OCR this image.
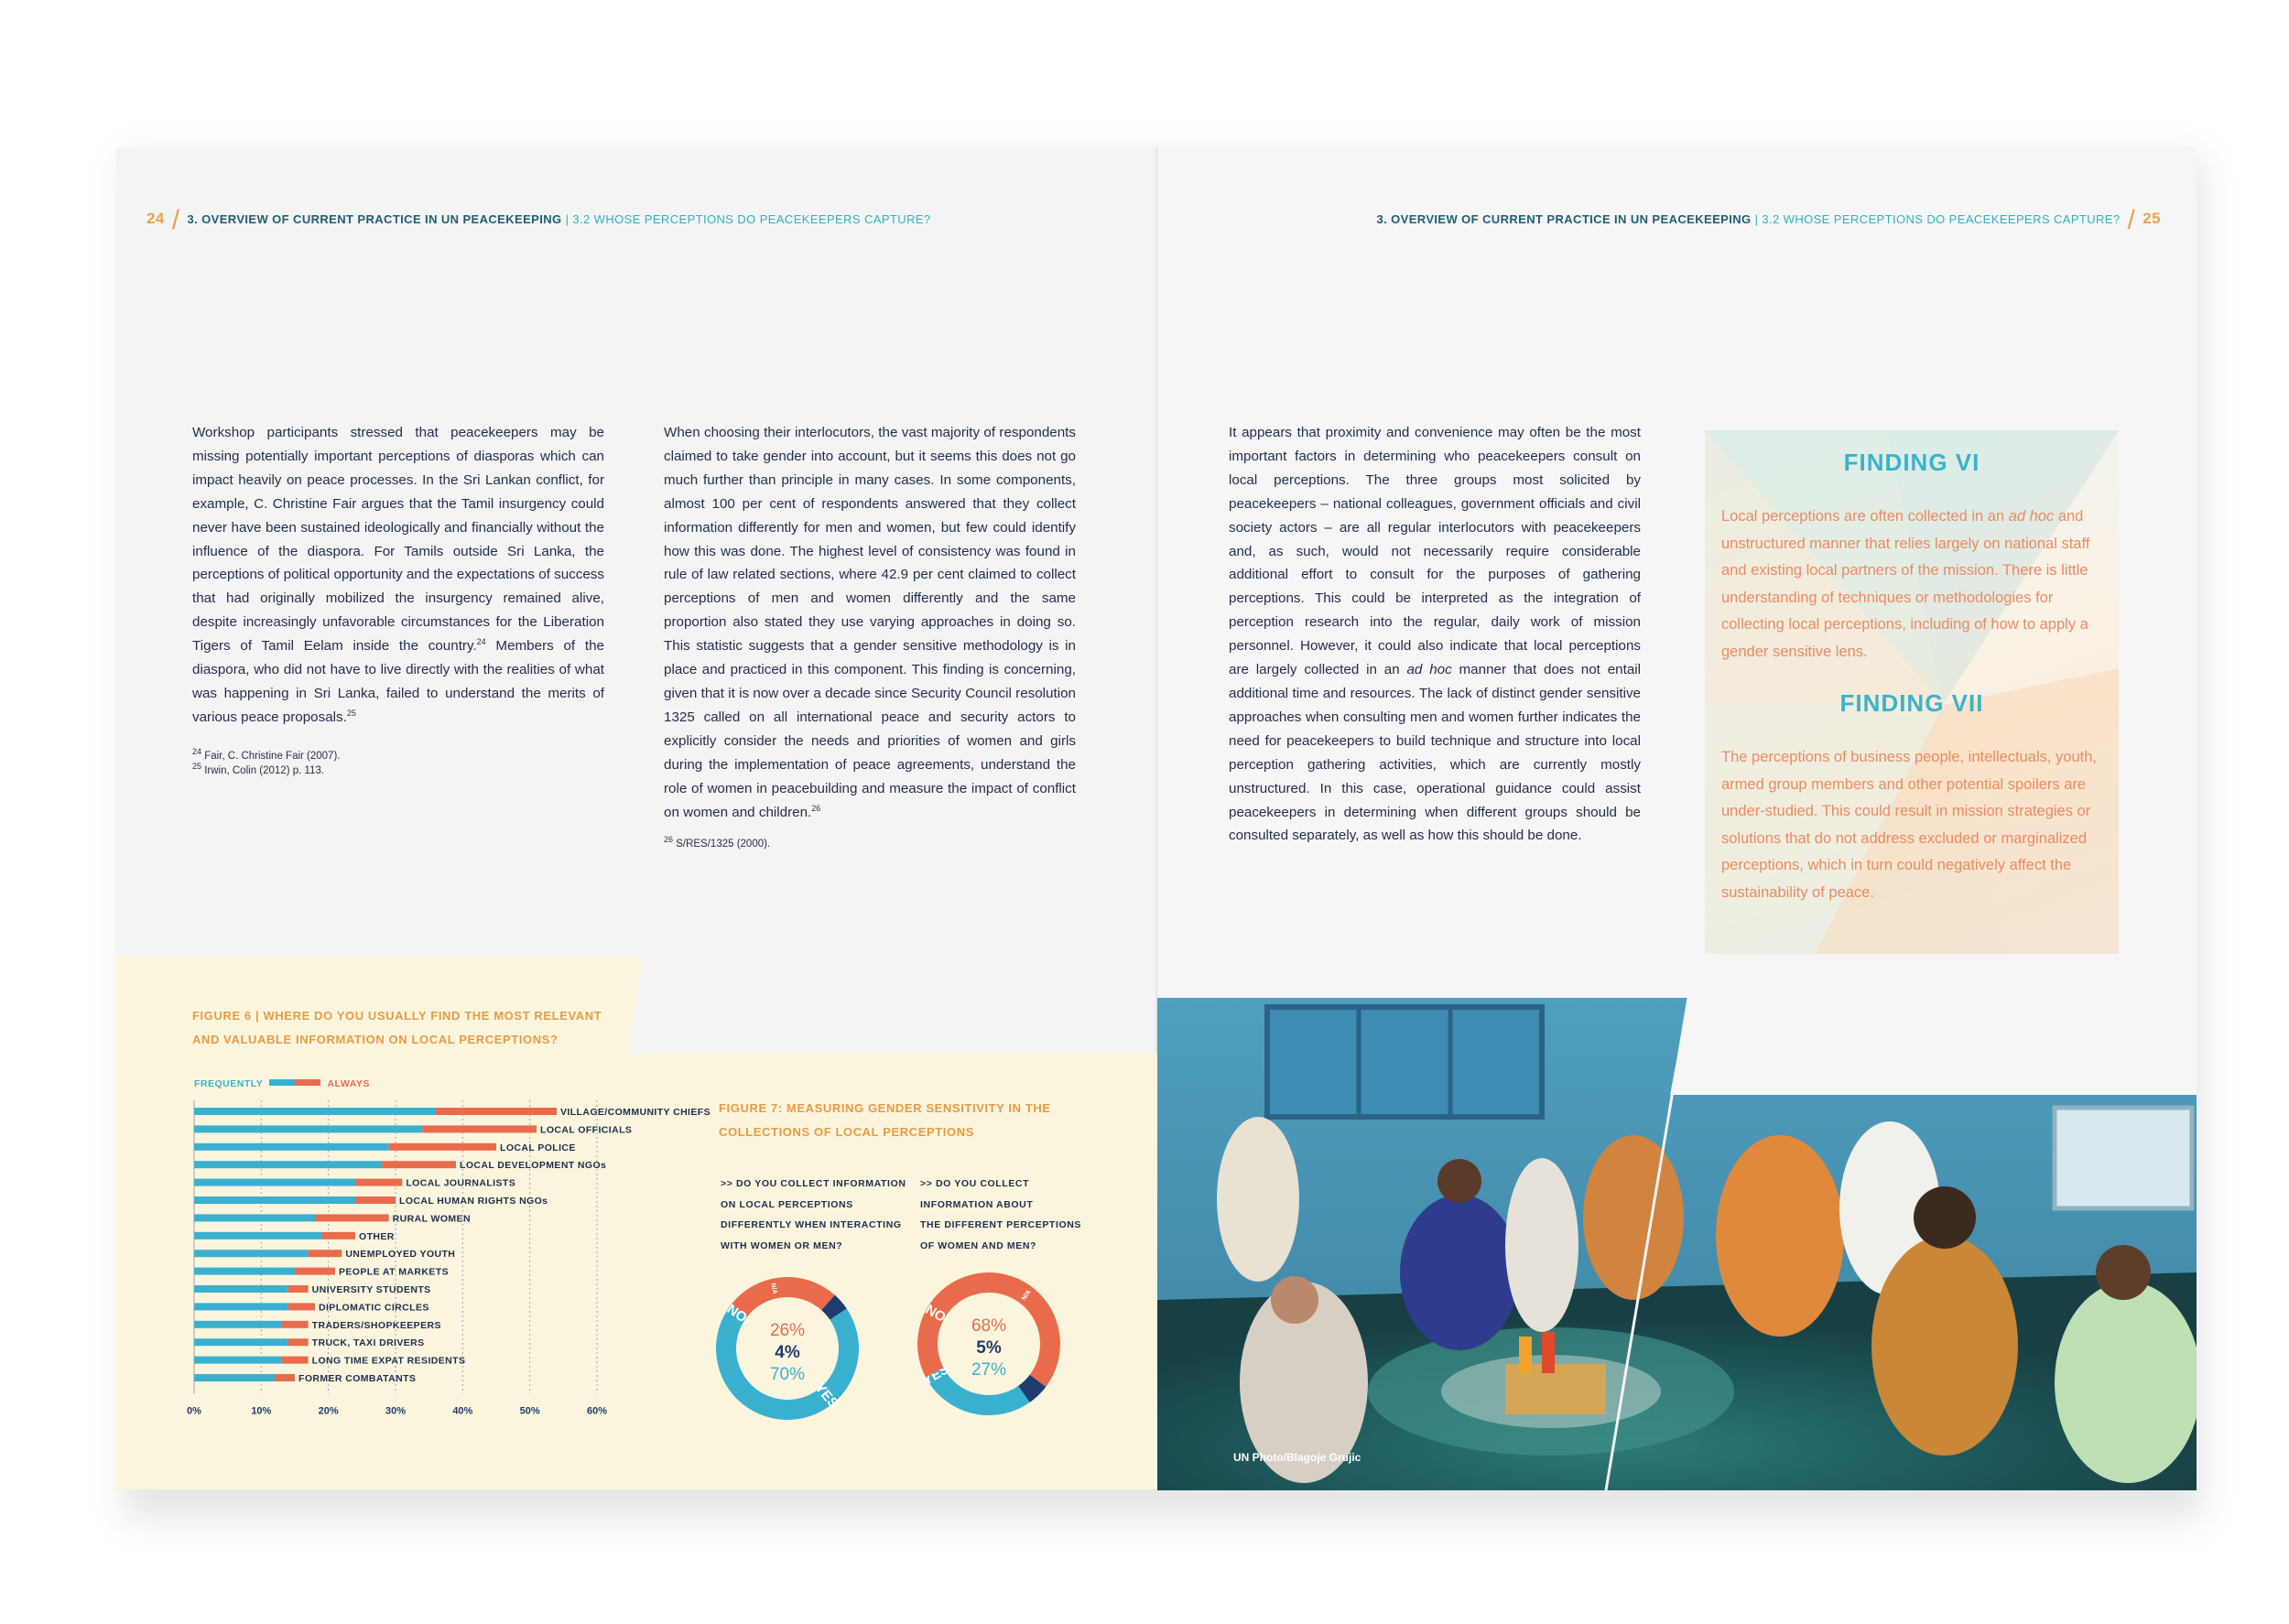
24 / 3. OVERVIEW OF CURRENT PRACTICE IN UN PEACEKEEPING | 3.2 WHOSE PERCEPTIONS DO PEACEKEEPERS CAPTURE?	3. OVERVIEW OF CURRENT PRACTICE IN UN PEACEKEEPING | 3.2 WHOSE PERCEPTIONS DO PEACEKEEPERS CAPTURE? / 25
Workshop participants stressed that peacekeepers may be missing potentially important perceptions of diasporas which can impact heavily on peace processes. In the Sri Lankan conflict, for example, C. Christine Fair argues that the Tamil insurgency could never have been sustained ideologically and financially without the influence of the diaspora. For Tamils outside Sri Lanka, the perceptions of political opportunity and the expectations of success that had originally mobilized the insurgency remained alive, despite increasingly unfavorable circumstances for the Liberation Tigers of Tamil Eelam inside the country.$^{24}$ Members of the diaspora, who did not have to live directly with the realities of what was happening in Sri Lanka, failed to understand the merits of various peace proposals.$^{25}$
$^{24}$ Fair, C. Christine Fair (2007).
$^{25}$ Irwin, Colin (2012) p. 113.
When choosing their interlocutors, the vast majority of respondents claimed to take gender into account, but it seems this does not go much further than principle in many cases. In some components, almost 100 per cent of respondents answered that they collect information differently for men and women, but few could identify how this was done. The highest level of consistency was found in rule of law related sections, where 42.9 per cent claimed to collect perceptions of men and women differently and the same proportion also stated they use varying approaches in doing so. This statistic suggests that a gender sensitive methodology is in place and practiced in this component. This finding is concerning, given that it is now over a decade since Security Council resolution 1325 called on all international peace and security actors to explicitly consider the needs and priorities of women and girls during the implementation of peace agreements, understand the role of women in peacebuilding and measure the impact of conflict on women and children.$^{26}$
$^{26}$ S/RES/1325 (2000).
It appears that proximity and convenience may often be the most important factors in determining who peacekeepers consult on local perceptions. The three groups most solicited by peacekeepers – national colleagues, government officials and civil society actors – are all regular interlocutors with peacekeepers and, as such, would not necessarily require considerable additional effort to consult for the purposes of gathering perceptions. This could be interpreted as the integration of perception research into the regular, daily work of mission personnel. However, it could also indicate that local perceptions are largely collected in an ad hoc manner that does not entail additional time and resources. The lack of distinct gender sensitive approaches when consulting men and women further indicates the need for peacekeepers to build technique and structure into local perception gathering activities, which are currently mostly unstructured. In this case, operational guidance could assist peacekeepers in determining when different groups should be consulted separately, as well as how this should be done.
FINDING VI
Local perceptions are often collected in an ad hoc and unstructured manner that relies largely on national staff and existing local partners of the mission. There is little understanding of techniques or methodologies for collecting local perceptions, including of how to apply a gender sensitive lens.
FINDING VII
The perceptions of business people, intellectuals, youth, armed group members and other potential spoilers are under-studied. This could result in mission strategies or solutions that do not address excluded or marginalized perceptions, which in turn could negatively affect the sustainability of peace.
FIGURE 6 | WHERE DO YOU USUALLY FIND THE MOST RELEVANT
AND VALUABLE INFORMATION ON LOCAL PERCEPTIONS?
FREQUENTLY	ALWAYS
VILLAGE/COMMUNITY CHIEFS
LOCAL OFFICIALS
LOCAL POLICE
LOCAL DEVELOPMENT NGOs
LOCAL JOURNALISTS
LOCAL HUMAN RIGHTS NGOs
RURAL WOMEN
OTHER
UNEMPLOYED YOUTH
PEOPLE AT MARKETS
UNIVERSITY STUDENTS
DIPLOMATIC CIRCLES
TRADERS/SHOPKEEPERS
TRUCK, TAXI DRIVERS
LONG TIME EXPAT RESIDENTS
FORMER COMBATANTS
0%	10%	20%	30%	40%	50%	60%
FIGURE 7: MEASURING GENDER SENSITIVITY IN THE
COLLECTIONS OF LOCAL PERCEPTIONS
>> DO YOU COLLECT INFORMATION
ON LOCAL PERCEPTIONS
DIFFERENTLY WHEN INTERACTING
WITH WOMEN OR MEN?
>> DO YOU COLLECT
INFORMATION ABOUT
THE DIFFERENT PERCEPTIONS
OF WOMEN AND MEN?
YES
NO
N/A
26%
4%
70%	YES
NO
N/A
68%
5%
27%
UN Photo/Blagoje Grujic
